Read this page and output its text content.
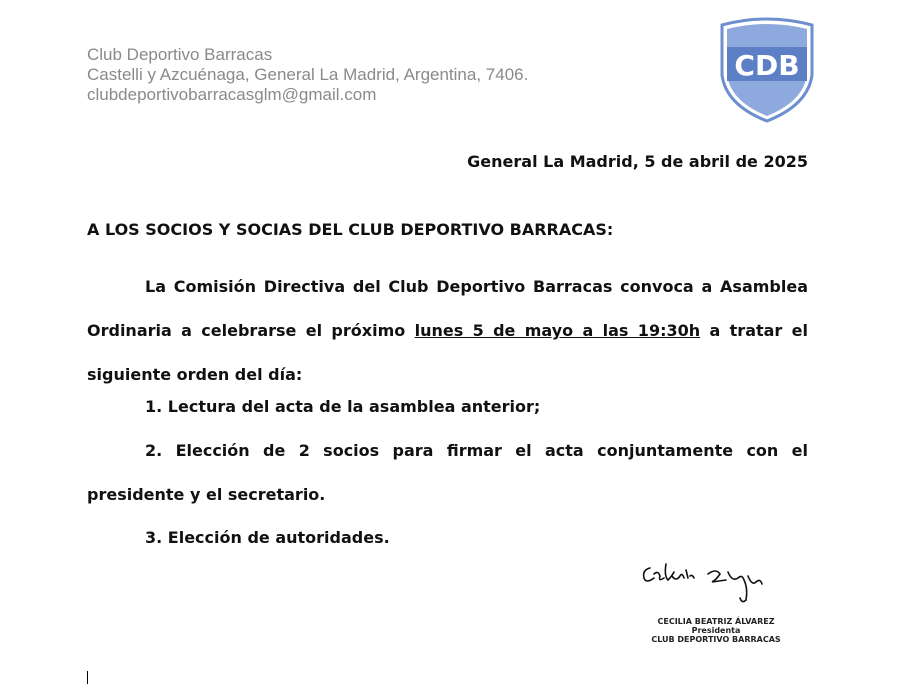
Club Deportivo Barracas
Castelli y Azcuénaga, General La Madrid, Argentina, 7406.
clubdeportivobarracasglm@gmail.com
CDB
General La Madrid, 5 de abril de 2025
A LOS SOCIOS Y SOCIAS DEL CLUB DEPORTIVO BARRACAS:
La Comisión Directiva del Club Deportivo Barracas convoca a Asamblea Ordinaria a celebrarse el próximo lunes 5 de mayo a las 19:30h a tratar el siguiente orden del día:
1. Lectura del acta de la asamblea anterior;
2. Elección de 2 socios para firmar el acta conjuntamente con el presidente y el secretario.
3. Elección de autoridades.
CECILIA BEATRIZ ÁLVAREZ
Presidenta
CLUB DEPORTIVO BARRACAS
